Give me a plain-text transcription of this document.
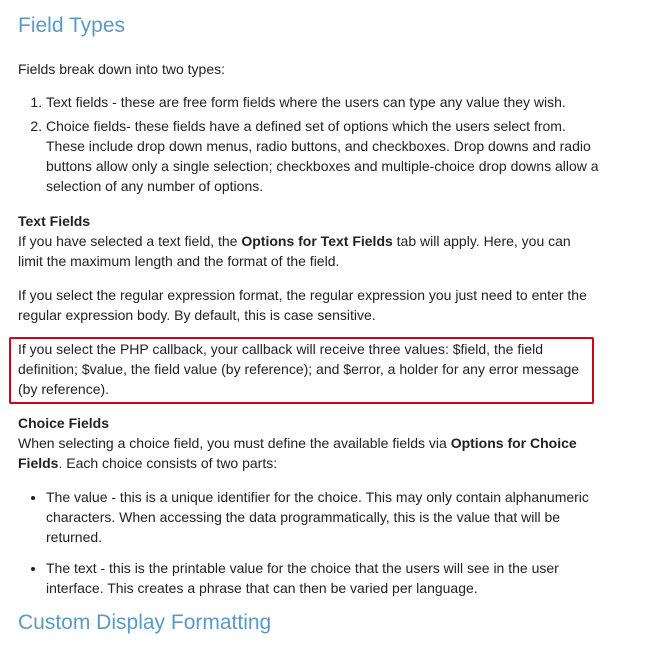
Field Types

Fields break down into two types:

1. Text fields - these are free form fields where the users can type any value they wish.
2. Choice fields- these fields have a defined set of options which the users select from. These include drop down menus, radio buttons, and checkboxes. Drop downs and radio buttons allow only a single selection; checkboxes and multiple-choice drop downs allow a selection of any number of options.
Text Fields

If you have selected a text field, the Options for Text Fields tab will apply. Here, you can limit the maximum length and the format of the field.

If you select the regular expression format, the regular expression you just need to enter the regular expression body. By default, this is case sensitive.

If you select the PHP callback, your callback will receive three values: $field, the field definition; $value, the field value (by reference); and $error, a holder for any error message (by reference).

Choice Fields

When selecting a choice field, you must define the available fields via Options for Choice Fields. Each choice consists of two parts:

• The value - this is a unique identifier for the choice. This may only contain alphanumeric characters. When accessing the data programmatically, this is the value that will be returned.
• The text - this is the printable value for the choice that the users will see in the user interface. This creates a phrase that can then be varied per language.
Custom Display Formatting
